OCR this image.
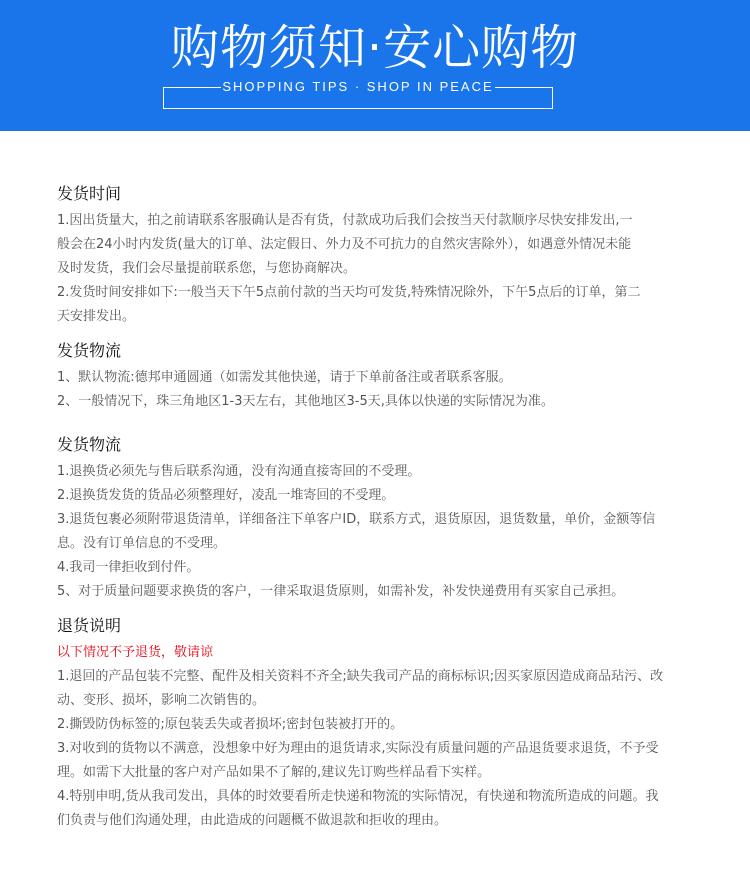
购物须知·安心购物
SHOPPING TIPS · SHOP IN PEACE
发货时间
1.因出货量大，拍之前请联系客服确认是否有货，付款成功后我们会按当天付款顺序尽快安排发出,一
般会在24小时内发货(量大的订单、法定假日、外力及不可抗力的自然灾害除外），如遇意外情况未能
及时发货，我们会尽量提前联系您，与您协商解决。
2.发货时间安排如下:一般当天下午5点前付款的当天均可发货,特殊情况除外，下午5点后的订单，第二
天安排发出。
发货物流
1、默认物流:德邦申通圆通（如需发其他快递，请于下单前备注或者联系客服。
2、一般情况下，珠三角地区1-3天左右，其他地区3-5天,具体以快递的实际情况为准。
发货物流
1.退换货必须先与售后联系沟通，没有沟通直接寄回的不受理。
2.退换货发货的货品必须整理好，凌乱一堆寄回的不受理。
3.退货包裹必须附带退货清单，详细备注下单客户ID，联系方式，退货原因，退货数量，单价，金额等信
息。没有订单信息的不受理。
4.我司一律拒收到付件。
5、对于质量问题要求换货的客户，一律采取退货原则，如需补发，补发快递费用有买家自己承担。
退货说明
以下情况不予退货，敬请谅
1.退回的产品包装不完整、配件及相关资料不齐全;缺失我司产品的商标标识;因买家原因造成商品玷污、改
动、变形、损坏，影响二次销售的。
2.撕毁防伪标签的;原包装丢失或者损坏;密封包装被打开的。
3.对收到的货物以不满意，没想象中好为理由的退货请求,实际没有质量问题的产品退货要求退货，不予受
理。如需下大批量的客户对产品如果不了解的,建议先订购些样品看下实样。
4.特别申明,货从我司发出，具体的时效要看所走快递和物流的实际情况，有快递和物流所造成的问题。我
们负责与他们沟通处理，由此造成的问题概不做退款和拒收的理由。
